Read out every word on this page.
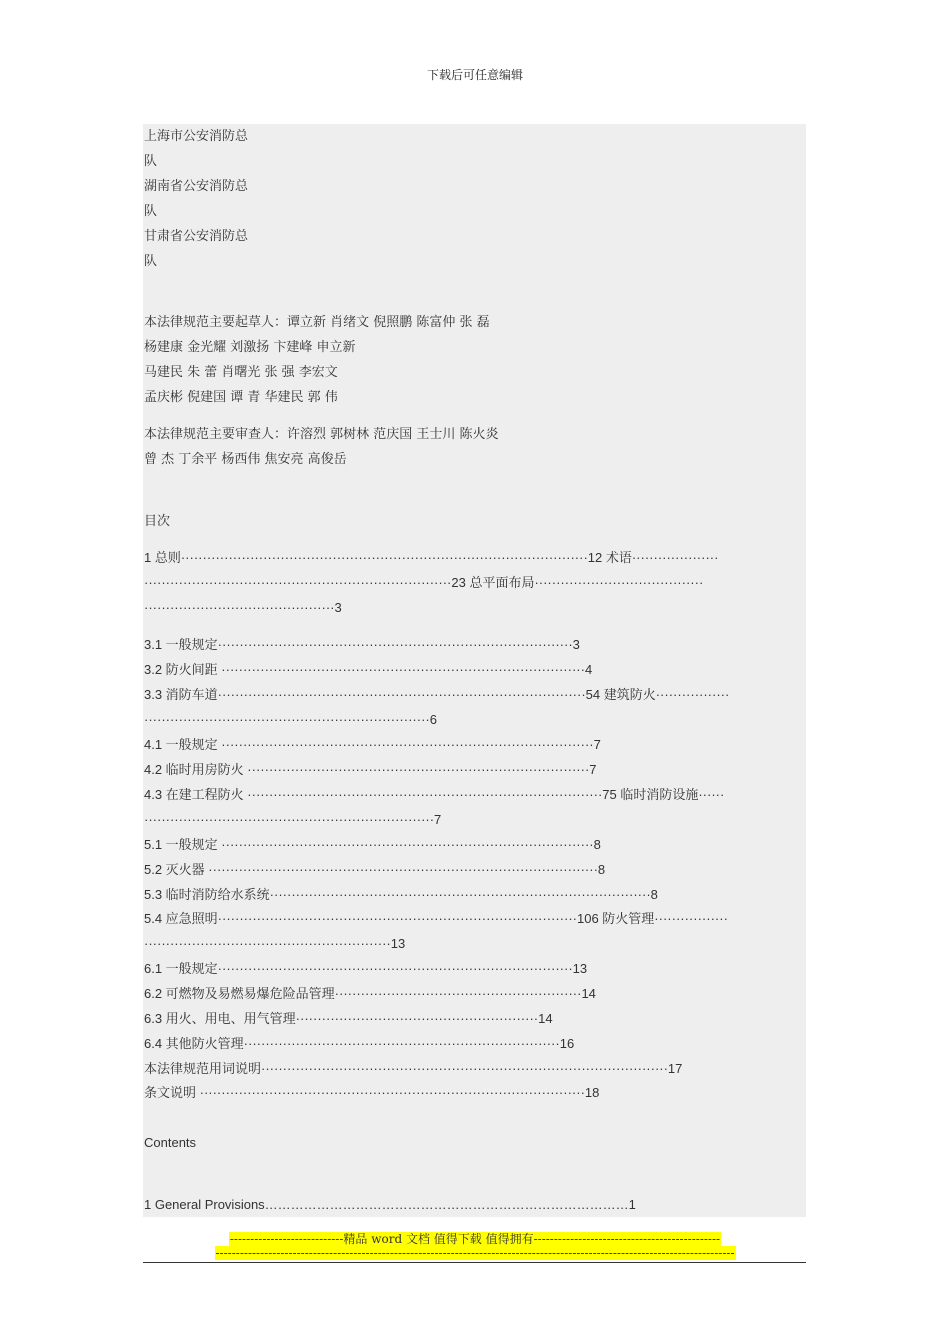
下载后可任意编辑
上海市公安消防总
队
湖南省公安消防总
队
甘肃省公安消防总
队
本法律规范主要起草人：谭立新 肖绪文 倪照鹏 陈富仲 张 磊
杨建康 金光耀 刘激扬 卞建峰 申立新
马建民 朱 蕾 肖曙光 张 强 李宏文
孟庆彬 倪建国 谭 青 华建民 郭 伟
本法律规范主要审查人：许溶烈 郭树林 范庆国 王士川 陈火炎
曾 杰 丁余平 杨西伟 焦安亮 高俊岳
目次
1 总则······························································································12 术语····················
·······································································23 总平面布局·······································
············································3
3.1 一般规定··················································································3
3.2 防火间距 ····················································································4
3.3 消防车道·····················································································54 建筑防火·················
··································································6
4.1 一般规定 ······················································································7
4.2 临时用房防火 ···············································································7
4.3 在建工程防火 ··················································································75 临时消防设施······
···································································7
5.1 一般规定 ······················································································8
5.2 灭火器 ··························································································8
5.3 临时消防给水系统························································································8
5.4 应急照明···················································································106 防火管理·················
·························································13
6.1 一般规定··················································································13
6.2 可燃物及易燃易爆危险品管理·························································14
6.3 用火、用电、用气管理························································14
6.4 其他防火管理·········································································16
本法律规范用词说明······························································································17
条文说明 ·························································································18
Contents
1 General Provisions…………………………………………………………………………1
----------------------------精品 word 文档 值得下载 值得拥有----------------------------------------------
--------------------------------------------------------------------------------------------------------------------------------
